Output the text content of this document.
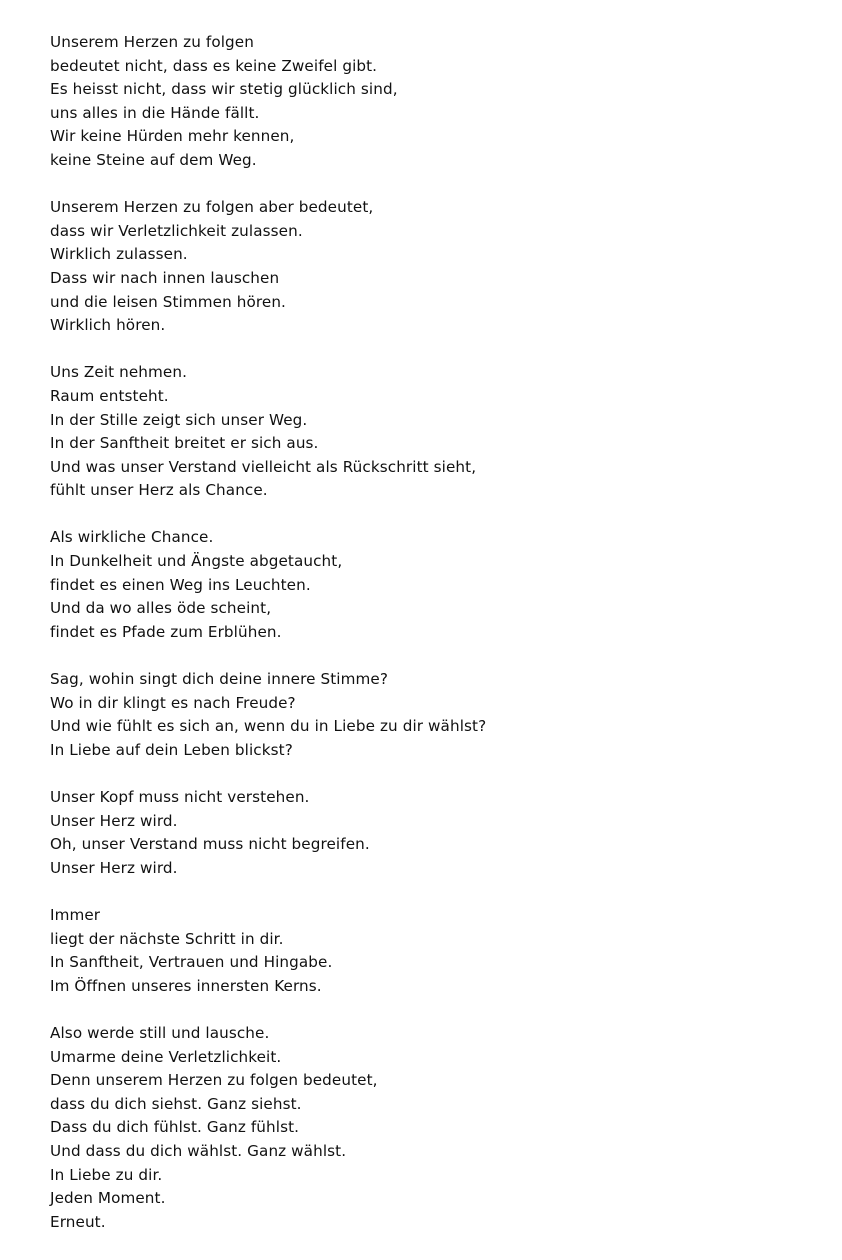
Unserem Herzen zu folgen
bedeutet nicht, dass es keine Zweifel gibt.
Es heisst nicht, dass wir stetig glücklich sind,
uns alles in die Hände fällt.
Wir keine Hürden mehr kennen,
keine Steine auf dem Weg.
Unserem Herzen zu folgen aber bedeutet,
dass wir Verletzlichkeit zulassen.
Wirklich zulassen.
Dass wir nach innen lauschen
und die leisen Stimmen hören.
Wirklich hören.
Uns Zeit nehmen.
Raum entsteht.
In der Stille zeigt sich unser Weg.
In der Sanftheit breitet er sich aus.
Und was unser Verstand vielleicht als Rückschritt sieht,
fühlt unser Herz als Chance.
Als wirkliche Chance.
In Dunkelheit und Ängste abgetaucht,
findet es einen Weg ins Leuchten.
Und da wo alles öde scheint,
findet es Pfade zum Erblühen.
Sag, wohin singt dich deine innere Stimme?
Wo in dir klingt es nach Freude?
Und wie fühlt es sich an, wenn du in Liebe zu dir wählst?
In Liebe auf dein Leben blickst?
Unser Kopf muss nicht verstehen.
Unser Herz wird.
Oh, unser Verstand muss nicht begreifen.
Unser Herz wird.
Immer
liegt der nächste Schritt in dir.
In Sanftheit, Vertrauen und Hingabe.
Im Öffnen unseres innersten Kerns.
Also werde still und lausche.
Umarme deine Verletzlichkeit.
Denn unserem Herzen zu folgen bedeutet,
dass du dich siehst. Ganz siehst.
Dass du dich fühlst. Ganz fühlst.
Und dass du dich wählst. Ganz wählst.
In Liebe zu dir.
Jeden Moment.
Erneut.
